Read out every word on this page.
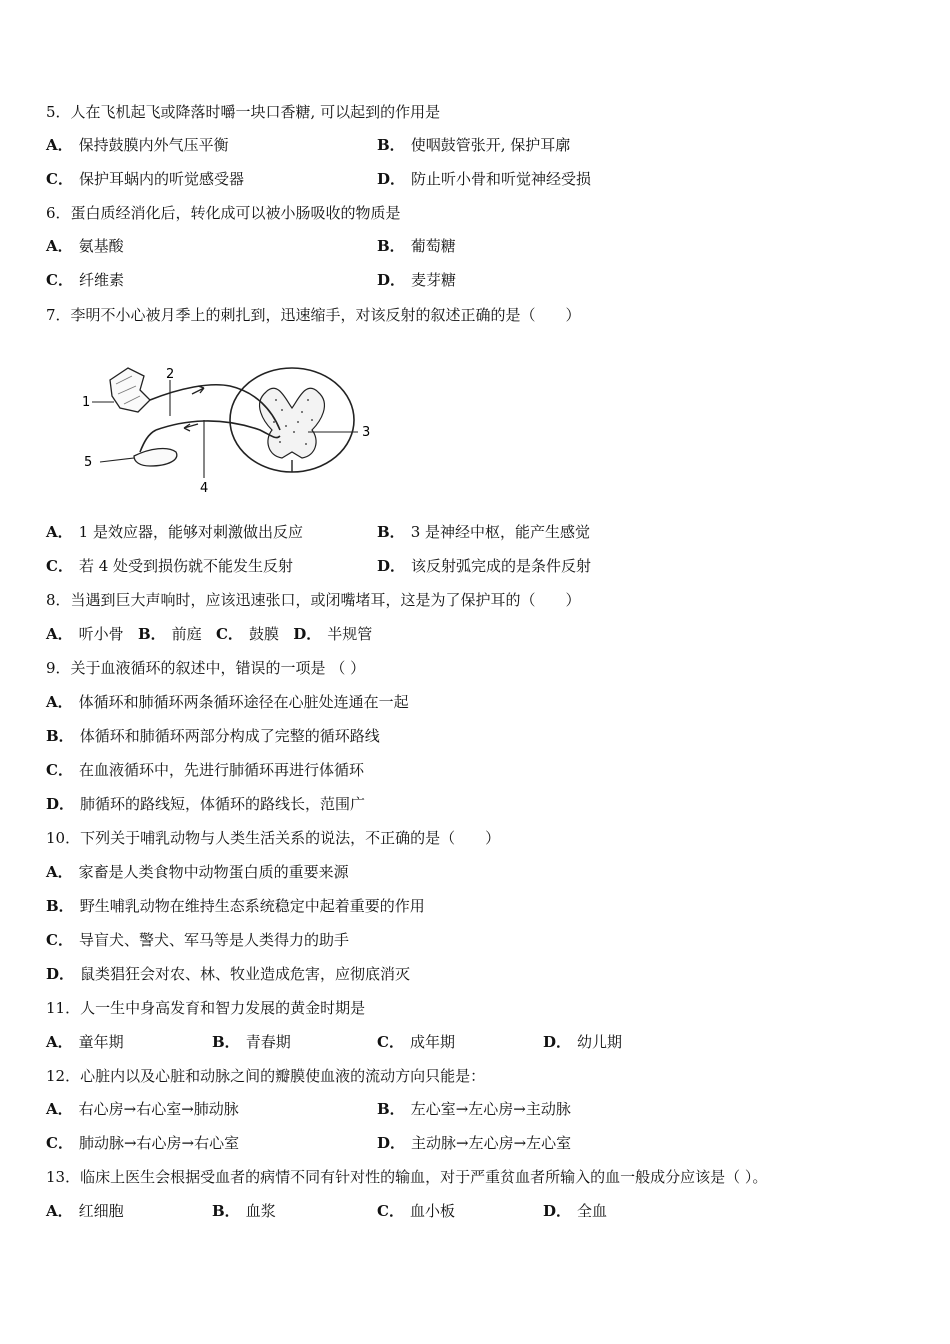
5．人在飞机起飞或降落时嚼一块口香糖, 可以起到的作用是
A． 保持鼓膜内外气压平衡	B． 使咽鼓管张开, 保护耳廓
C． 保护耳蜗内的听觉感受器	D． 防止听小骨和听觉神经受损
6．蛋白质经消化后，转化成可以被小肠吸收的物质是
A． 氨基酸	B． 葡萄糖
C． 纤维素	D． 麦芽糖
7．李明不小心被月季上的刺扎到，迅速缩手，对该反射的叙述正确的是（　　）
1
2
3
4
5
A． 1 是效应器，能够对刺激做出反应	B． 3 是神经中枢，能产生感觉
C． 若 4 处受到损伤就不能发生反射	D． 该反射弧完成的是条件反射
8．当遇到巨大声响时，应该迅速张口，或闭嘴堵耳，这是为了保护耳的（　　）
A． 听小骨 B． 前庭 C． 鼓膜 D． 半规管
9．关于血液循环的叙述中，错误的一项是 （ ）
A． 体循环和肺循环两条循环途径在心脏处连通在一起
B． 体循环和肺循环两部分构成了完整的循环路线
C． 在血液循环中，先进行肺循环再进行体循环
D． 肺循环的路线短，体循环的路线长，范围广
10．下列关于哺乳动物与人类生活关系的说法，不正确的是（　　）
A． 家畜是人类食物中动物蛋白质的重要来源
B． 野生哺乳动物在维持生态系统稳定中起着重要的作用
C． 导盲犬、警犬、军马等是人类得力的助手
D． 鼠类猖狂会对农、林、牧业造成危害，应彻底消灭
11．人一生中身高发育和智力发展的黄金时期是
A． 童年期	B． 青春期	C． 成年期	D． 幼儿期
12．心脏内以及心脏和动脉之间的瓣膜使血液的流动方向只能是：
A． 右心房→右心室→肺动脉	B． 左心室→左心房→主动脉
C． 肺动脉→右心房→右心室	D． 主动脉→左心房→左心室
13．临床上医生会根据受血者的病情不同有针对性的输血，对于严重贫血者所输入的血一般成分应该是（ ）。
A． 红细胞	B． 血浆	C． 血小板	D． 全血
